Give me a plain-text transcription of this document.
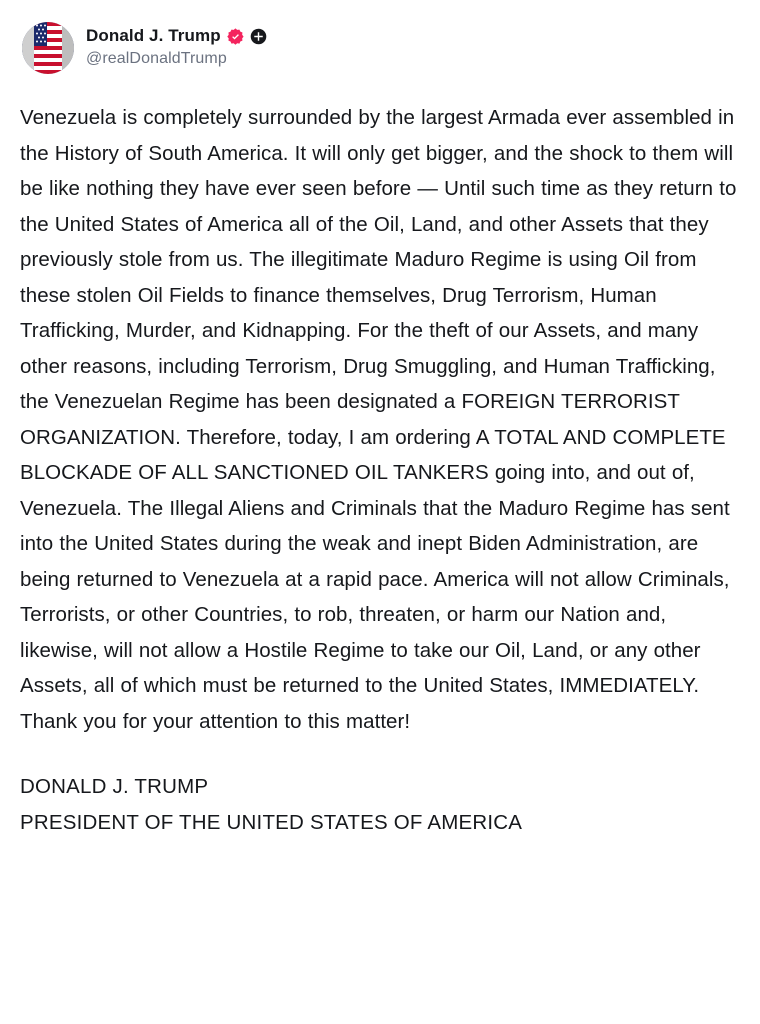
Donald J. Trump
@realDonaldTrump

Venezuela is completely surrounded by the largest Armada ever assembled in the History of South America. It will only get bigger, and the shock to them will be like nothing they have ever seen before — Until such time as they return to the United States of America all of the Oil, Land, and other Assets that they previously stole from us. The illegitimate Maduro Regime is using Oil from these stolen Oil Fields to finance themselves, Drug Terrorism, Human Trafficking, Murder, and Kidnapping. For the theft of our Assets, and many other reasons, including Terrorism, Drug Smuggling, and Human Trafficking, the Venezuelan Regime has been designated a FOREIGN TERRORIST ORGANIZATION. Therefore, today, I am ordering A TOTAL AND COMPLETE BLOCKADE OF ALL SANCTIONED OIL TANKERS going into, and out of, Venezuela. The Illegal Aliens and Criminals that the Maduro Regime has sent into the United States during the weak and inept Biden Administration, are being returned to Venezuela at a rapid pace. America will not allow Criminals, Terrorists, or other Countries, to rob, threaten, or harm our Nation and, likewise, will not allow a Hostile Regime to take our Oil, Land, or any other Assets, all of which must be returned to the United States, IMMEDIATELY. Thank you for your attention to this matter!

DONALD J. TRUMP
PRESIDENT OF THE UNITED STATES OF AMERICA
